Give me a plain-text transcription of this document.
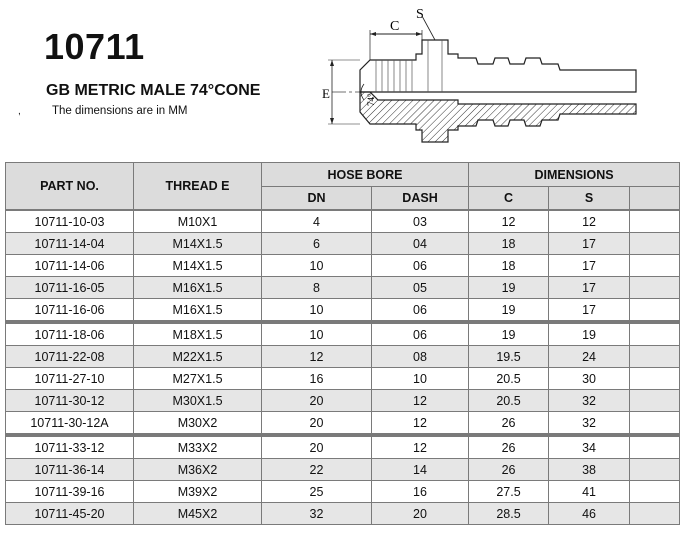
10711
GB METRIC MALE 74°CONE
,	The dimensions are in MM
C
S
E	74°
PART NO.	THREAD E	HOSE BORE		DIMENSIONS		
		DN	DASH	C	S	
10711-10-03	M10X1	4	03	12	12	
10711-14-04	M14X1.5	6	04	18	17	
10711-14-06	M14X1.5	10	06	18	17	
10711-16-05	M16X1.5	8	05	19	17	
10711-16-06	M16X1.5	10	06	19	17	
10711-18-06	M18X1.5	10	06	19	19	
10711-22-08	M22X1.5	12	08	19.5	24	
10711-27-10	M27X1.5	16	10	20.5	30	
10711-30-12	M30X1.5	20	12	20.5	32	
10711-30-12A	M30X2	20	12	26	32	
10711-33-12	M33X2	20	12	26	34	
10711-36-14	M36X2	22	14	26	38	
10711-39-16	M39X2	25	16	27.5	41	
10711-45-20	M45X2	32	20	28.5	46	
